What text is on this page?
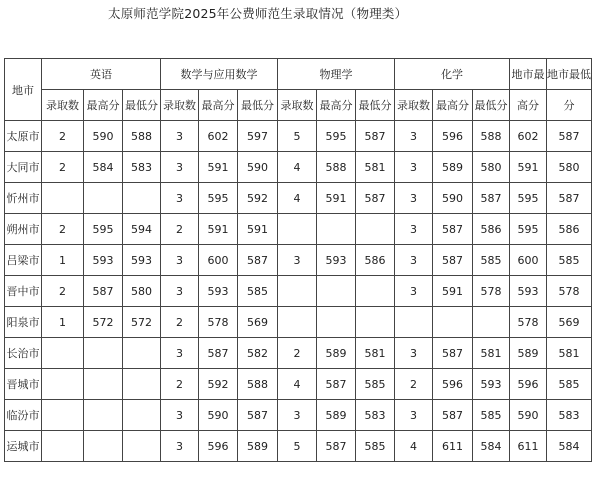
太原师范学院2025年公费师范生录取情况（物理类）
地市	英语			数学与应用数学			物理学			化学			地市最	地市最低
	录取数	最高分	最低分	录取数	最高分	最低分	录取数	最高分	最低分	录取数	最高分	最低分	高分	分
太原市	2	590	588	3	602	597	5	595	587	3	596	588	602	587
大同市	2	584	583	3	591	590	4	588	581	3	589	580	591	580
忻州市				3	595	592	4	591	587	3	590	587	595	587
朔州市	2	595	594	2	591	591				3	587	586	595	586
吕梁市	1	593	593	3	600	587	3	593	586	3	587	585	600	585
晋中市	2	587	580	3	593	585				3	591	578	593	578
阳泉市	1	572	572	2	578	569							578	569
长治市				3	587	582	2	589	581	3	587	581	589	581
晋城市				2	592	588	4	587	585	2	596	593	596	585
临汾市				3	590	587	3	589	583	3	587	585	590	583
运城市				3	596	589	5	587	585	4	611	584	611	584
